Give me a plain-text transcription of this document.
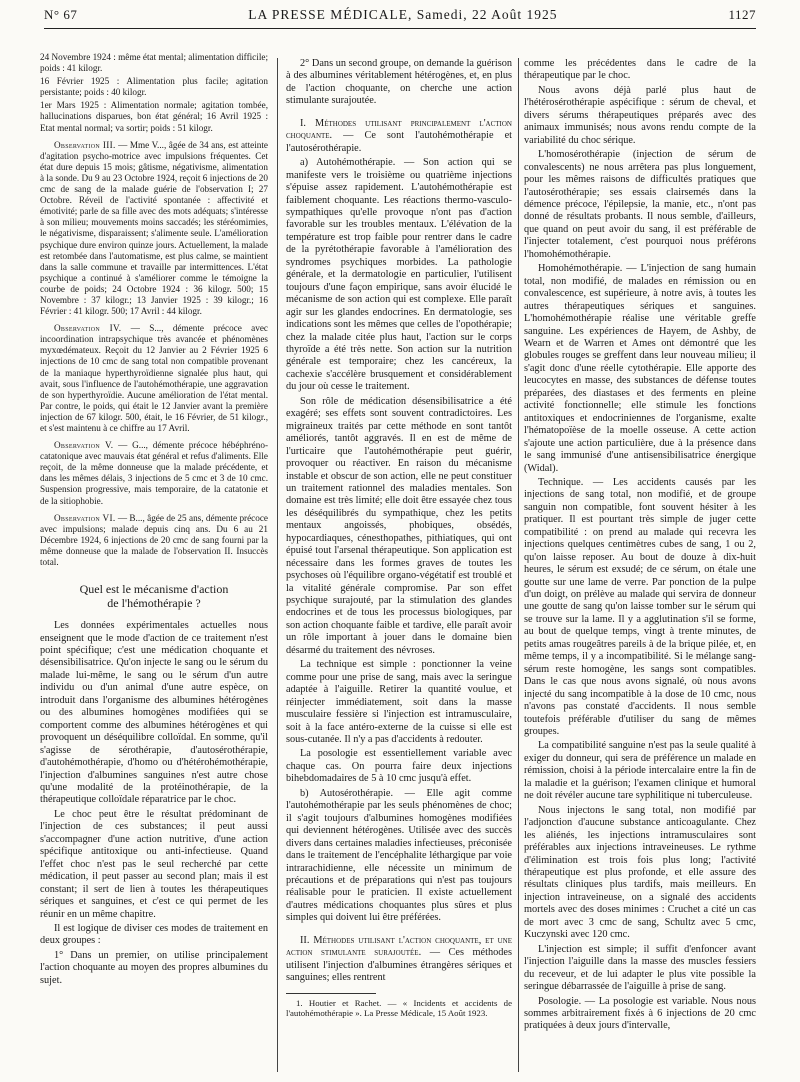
N° 67	LA PRESSE MÉDICALE, Samedi, 22 Août 1925	1127

24 Novembre 1924 : même état mental; alimentation difficile; poids : 41 kilogr.

16 Février 1925 : Alimentation plus facile; agitation persistante; poids : 40 kilogr.

1er Mars 1925 : Alimentation normale; agitation tombée, hallucinations disparues, bon état général; 16 Avril 1925 : Etat mental normal; va sortir; poids : 51 kilogr.

Observation III. — Mme V..., âgée de 34 ans, est atteinte d'agitation psycho-motrice avec impulsions fréquentes. Cet état dure depuis 15 mois; gâtisme, négativisme, alimentation à la sonde. Du 9 au 23 Octobre 1924, reçoit 6 injections de 20 cmc de sang de la malade guérie de l'observation I; 27 Octobre. Réveil de l'activité spontanée : affectivité et émotivité; parle de sa fille avec des mots adéquats; s'intéresse à son milieu; mouvements moins saccadés; les stéréomimies, le négativisme, disparaissent; s'alimente seule. L'amélioration psychique dure environ quinze jours. Actuellement, la malade est retombée dans l'automatisme, est plus calme, se maintient dans la salle commune et travaille par intermittences. L'état psychique a continué à s'améliorer comme le témoigne la courbe de poids; 24 Octobre 1924 : 36 kilogr. 500; 15 Novembre : 37 kilogr.; 13 Janvier 1925 : 39 kilogr.; 16 Février : 41 kilogr. 500; 17 Avril : 44 kilogr.

Observation IV. — S..., démente précoce avec incoordination intrapsychique très avancée et phénomènes myxœdémateux. Reçoit du 12 Janvier au 2 Février 1925 6 injections de 10 cmc de sang total non compatible provenant de la maniaque hyperthyroïdienne signalée plus haut, qui avait, sous l'influence de l'autohémothérapie, une aggravation de son hyperthyroïdie. Aucune amélioration de l'état mental. Par contre, le poids, qui était le 12 Janvier avant la première injection de 67 kilogr. 500, était, le 16 Février, de 51 kilogr., et s'est maintenu à ce chiffre au 17 Avril.

Observation V. — G..., démente précoce hébéphréno-catatonique avec mauvais état général et refus d'aliments. Elle reçoit, de la même donneuse que la malade précédente, et dans les mêmes délais, 3 injections de 5 cmc et 3 de 10 cmc. Suspension progressive, mais temporaire, de la catatonie et de la sitiophobie.

Observation VI. — B..., âgée de 25 ans, démente précoce avec impulsions; malade depuis cinq ans. Du 6 au 21 Décembre 1924, 6 injections de 20 cmc de sang fourni par la même donneuse que la malade de l'observation II. Insuccès total.

Quel est le mécanisme d'action
de l'hémothérapie ?

Les données expérimentales actuelles nous enseignent que le mode d'action de ce traitement n'est point spécifique; c'est une médication choquante et désensibilisatrice. Qu'on injecte le sang ou le sérum du malade lui-même, le sang ou le sérum d'un autre individu ou d'un animal d'une autre espèce, on introduit dans l'organisme des albumines hétérogènes ou des albumines homogènes modifiées qui se comportent comme des albumines hétérogènes et qui provoquent un déséquilibre colloïdal. En somme, qu'il s'agisse de sérothérapie, d'autosérothérapie, d'autohémothérapie, d'homo ou d'hétérohémothérapie, l'injection d'albumines sanguines n'est autre chose qu'une modalité de la protéinothérapie, de la thérapeutique colloïdale réparatrice par le choc.

Le choc peut être le résultat prédominant de l'injection de ces substances; il peut aussi s'accompagner d'une action nutritive, d'une action spécifique antitoxique ou anti-infectieuse. Quand l'effet choc n'est pas le seul recherché par cette médication, il peut passer au second plan; mais il est constant; il sert de lien à toutes les thérapeutiques sériques et sanguines, et c'est ce qui permet de les réunir en un même chapitre.

Il est logique de diviser ces modes de traitement en deux groupes :

1° Dans un premier, on utilise principalement l'action choquante au moyen des propres albumines du sujet.

2° Dans un second groupe, on demande la guérison à des albumines véritablement hétérogènes, et, en plus de l'action choquante, on cherche une action stimulante surajoutée.

I. Méthodes utilisant principalement l'action choquante. — Ce sont l'autohémothérapie et l'autosérothérapie.

a) Autohémothérapie. — Son action qui se manifeste vers le troisième ou quatrième injections s'épuise assez rapidement. L'autohémothérapie est faiblement choquante. Les réactions thermo-vasculo-sympathiques qu'elle provoque n'ont pas d'action favorable sur les troubles mentaux. L'élévation de la température est trop faible pour rentrer dans le cadre de la pyrétothérapie favorable à l'amélioration des syndromes psychiques morbides. La pathologie générale, et la dermatologie en particulier, l'utilisent toujours d'une façon empirique, sans avoir élucidé le mécanisme de son action qui est complexe. Elle paraît agir sur les glandes endocrines. En dermatologie, ses indications sont les mêmes que celles de l'opothérapie; chez la malade citée plus haut, l'action sur le corps thyroïde a été très nette. Son action sur la nutrition générale est temporaire; chez les cancéreux, la cachexie s'accélère brusquement et considérablement du jour où cesse le traitement.

Son rôle de médication désensibilisatrice a été exagéré; ses effets sont souvent contradictoires. Les migraineux traités par cette méthode en sont tantôt améliorés, tantôt aggravés. Il en est de même de l'urticaire que l'autohémothérapie peut guérir, provoquer ou réactiver. En raison du mécanisme instable et obscur de son action, elle ne peut constituer un traitement rationnel des maladies mentales. Son domaine est très limité; elle doit être essayée chez tous les déséquilibrés du sympathique, chez les petits mentaux angoissés, phobiques, obsédés, hypocardiaques, cénesthopathes, pithiatiques, qui ont épuisé tout l'arsenal thérapeutique. Son application est nécessaire dans les formes graves de toutes les psychoses où l'équilibre organo-végétatif est troublé et la vitalité générale compromise. Par son effet psychique surajouté, par la stimulation des glandes endocrines et de tous les processus biologiques, par son action choquante faible et tardive, elle paraît avoir un rôle important à jouer dans le domaine bien désarmé du traitement des névroses.

La technique est simple : ponctionner la veine comme pour une prise de sang, mais avec la seringue adaptée à l'aiguille. Retirer la quantité voulue, et réinjecter immédiatement, soit dans la masse musculaire fessière si l'injection est intramusculaire, soit à la face antéro-externe de la cuisse si elle est sous-cutanée. Il n'y a pas d'accidents à redouter.

La posologie est essentiellement variable avec chaque cas. On pourra faire deux injections bihebdomadaires de 5 à 10 cmc jusqu'à effet.

b) Autosérothérapie. — Elle agit comme l'autohémothérapie par les seuls phénomènes de choc; il s'agit toujours d'albumines homogènes modifiées qui deviennent hétérogènes. Utilisée avec des succès divers dans certaines maladies infectieuses, préconisée dans le traitement de l'encéphalite léthargique par voie intrarachidienne, elle nécessite un minimum de précautions et de préparations qui n'est pas toujours réalisable pour le praticien. Il existe actuellement d'autres médications choquantes plus sûres et plus simples qui doivent lui être préférées.

II. Méthodes utilisant l'action choquante, et une action stimulante surajoutée. — Ces méthodes utilisent l'injection d'albumines étrangères sériques et sanguines; elles rentrent

1. Houtier et Rachet. — « Incidents et accidents de l'autohémothérapie ». La Presse Médicale, 15 Août 1923.

comme les précédentes dans le cadre de la thérapeutique par le choc.

Nous avons déjà parlé plus haut de l'hétérosérothérapie aspécifique : sérum de cheval, et divers sérums thérapeutiques préparés avec des animaux immunisés; nous avons rendu compte de la variabilité du choc sérique.

L'homosérothérapie (injection de sérum de convalescents) ne nous arrêtera pas plus longuement, pour les mêmes raisons de difficultés pratiques que l'autosérothérapie; ses essais clairsemés dans la démence précoce, l'épilepsie, la manie, etc., n'ont pas donné de résultats probants. Il nous semble, d'ailleurs, que quand on peut avoir du sang, il est préférable de l'injecter totalement, c'est pourquoi nous préférons l'homohémothérapie.

Homohémothérapie. — L'injection de sang humain total, non modifié, de malades en rémission ou en convalescence, est supérieure, à notre avis, à toutes les autres thérapeutiques sériques et sanguines. L'homohémothérapie réalise une véritable greffe sanguine. Les expériences de Hayem, de Ashby, de Wearn et de Warren et Ames ont démontré que les globules rouges se greffent dans leur nouveau milieu; il s'agit donc d'une réelle cytothérapie. Elle apporte des leucocytes en masse, des substances de défense toutes préparées, des diastases et des ferments en pleine activité fonctionnelle; elle stimule les fonctions antitoxiques et endocriniennes de l'organisme, exalte l'hématopoïèse de la moelle osseuse. A cette action s'ajoute une action particulière, due à la présence dans le sang immunisé d'une antisensibilisatrice énergique (Widal).

Technique. — Les accidents causés par les injections de sang total, non modifié, et de groupe sanguin non compatible, font souvent hésiter à les pratiquer. Il est pourtant très simple de juger cette compatibilité : on prend au malade qui recevra les injections quelques centimètres cubes de sang, 1 ou 2, qu'on laisse reposer. Au bout de douze à dix-huit heures, le sérum est exsudé; de ce sérum, on étale une goutte sur une lame de verre. Par ponction de la pulpe d'un doigt, on prélève au malade qui servira de donneur une goutte de sang qu'on laisse tomber sur le sérum qui se trouve sur la lame. Il y a agglutination s'il se forme, au bout de quelque temps, vingt à trente minutes, de petits amas rougeâtres pareils à de la brique pilée, et, en même temps, il y a incompatibilité. Si le mélange sang-sérum reste homogène, les sangs sont compatibles. Dans le cas que nous avons signalé, où nous avons injecté du sang incompatible à la dose de 10 cmc, nous n'avons pas constaté d'accidents. Il nous semble toutefois préférable d'utiliser du sang de mêmes groupes.

La compatibilité sanguine n'est pas la seule qualité à exiger du donneur, qui sera de préférence un malade en rémission, choisi à la période intercalaire entre la fin de la maladie et la guérison; l'examen clinique et humoral ne doit révéler aucune tare syphilitique ni tuberculeuse.

Nous injectons le sang total, non modifié par l'adjonction d'aucune substance anticoagulante. Chez les aliénés, les injections intramusculaires sont préférables aux injections intraveineuses. Le rythme d'élimination est trois fois plus long; l'activité thérapeutique est plus profonde, et elle assure des résultats cliniques plus tardifs, mais meilleurs. En injection intraveineuse, on a signalé des accidents mortels avec des doses minimes : Cruchet a cité un cas de mort avec 3 cmc de sang, Schultz avec 5 cmc, Kuczynski avec 120 cmc.

L'injection est simple; il suffit d'enfoncer avant l'injection l'aiguille dans la masse des muscles fessiers du receveur, et de lui adapter le plus vite possible la seringue débarrassée de l'aiguille à prise de sang.

Posologie. — La posologie est variable. Nous nous sommes arbitrairement fixés à 6 injections de 20 cmc pratiquées à deux jours d'intervalle,
